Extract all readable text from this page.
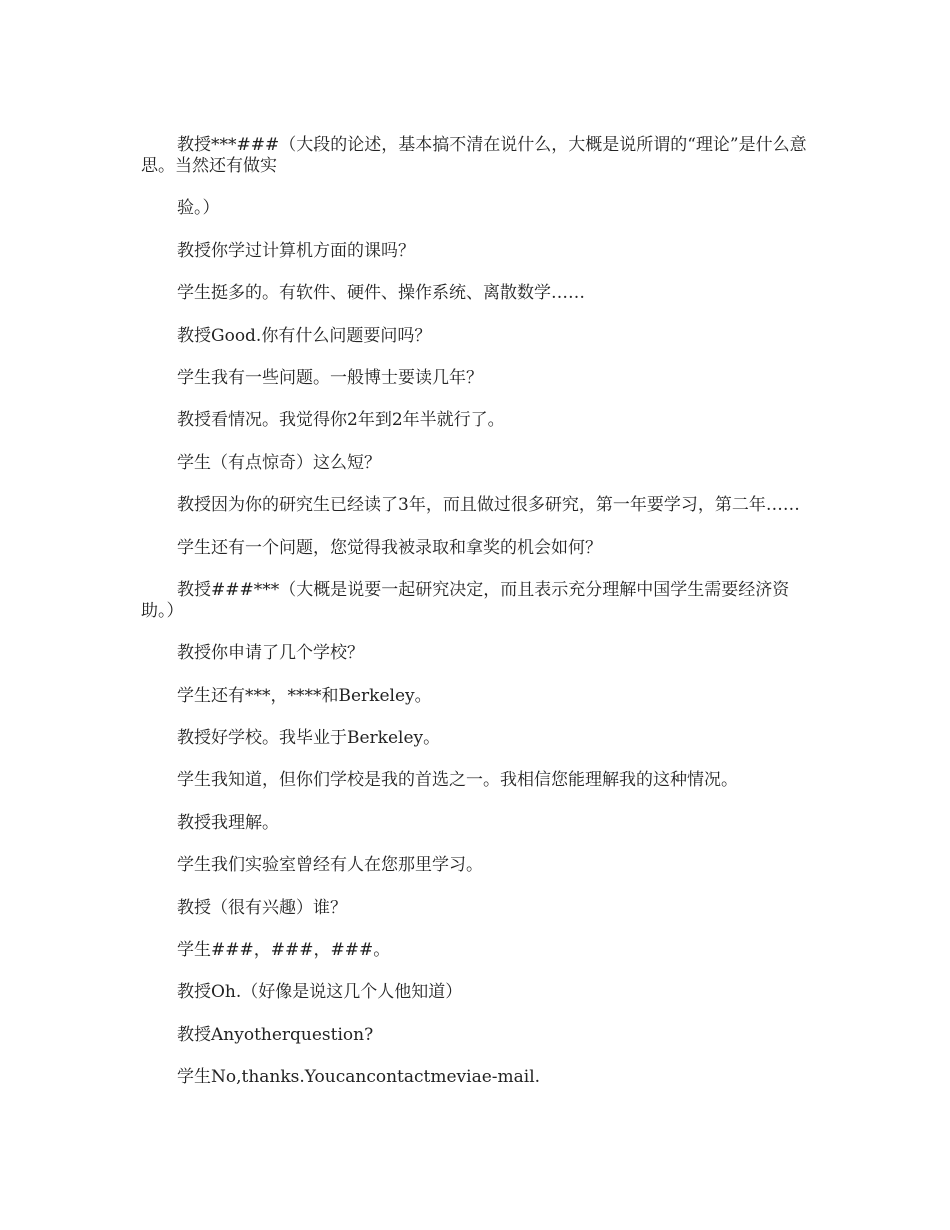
教授***###（大段的论述，基本搞不清在说什么，大概是说所谓的“理论”是什么意思。当然还有做实

验。）

教授你学过计算机方面的课吗？

学生挺多的。有软件、硬件、操作系统、离散数学……

教授Good.你有什么问题要问吗？

学生我有一些问题。一般博士要读几年？

教授看情况。我觉得你2年到2年半就行了。

学生（有点惊奇）这么短？

教授因为你的研究生已经读了3年，而且做过很多研究，第一年要学习，第二年……

学生还有一个问题，您觉得我被录取和拿奖的机会如何？

教授###***（大概是说要一起研究决定，而且表示充分理解中国学生需要经济资助。）

教授你申请了几个学校？

学生还有***，****和Berkeley。

教授好学校。我毕业于Berkeley。

学生我知道，但你们学校是我的首选之一。我相信您能理解我的这种情况。

教授我理解。

学生我们实验室曾经有人在您那里学习。

教授（很有兴趣）谁？

学生###，###，###。

教授Oh.（好像是说这几个人他知道）

教授Anyotherquestion?

学生No,thanks.Youcancontactmeviae-mail.
